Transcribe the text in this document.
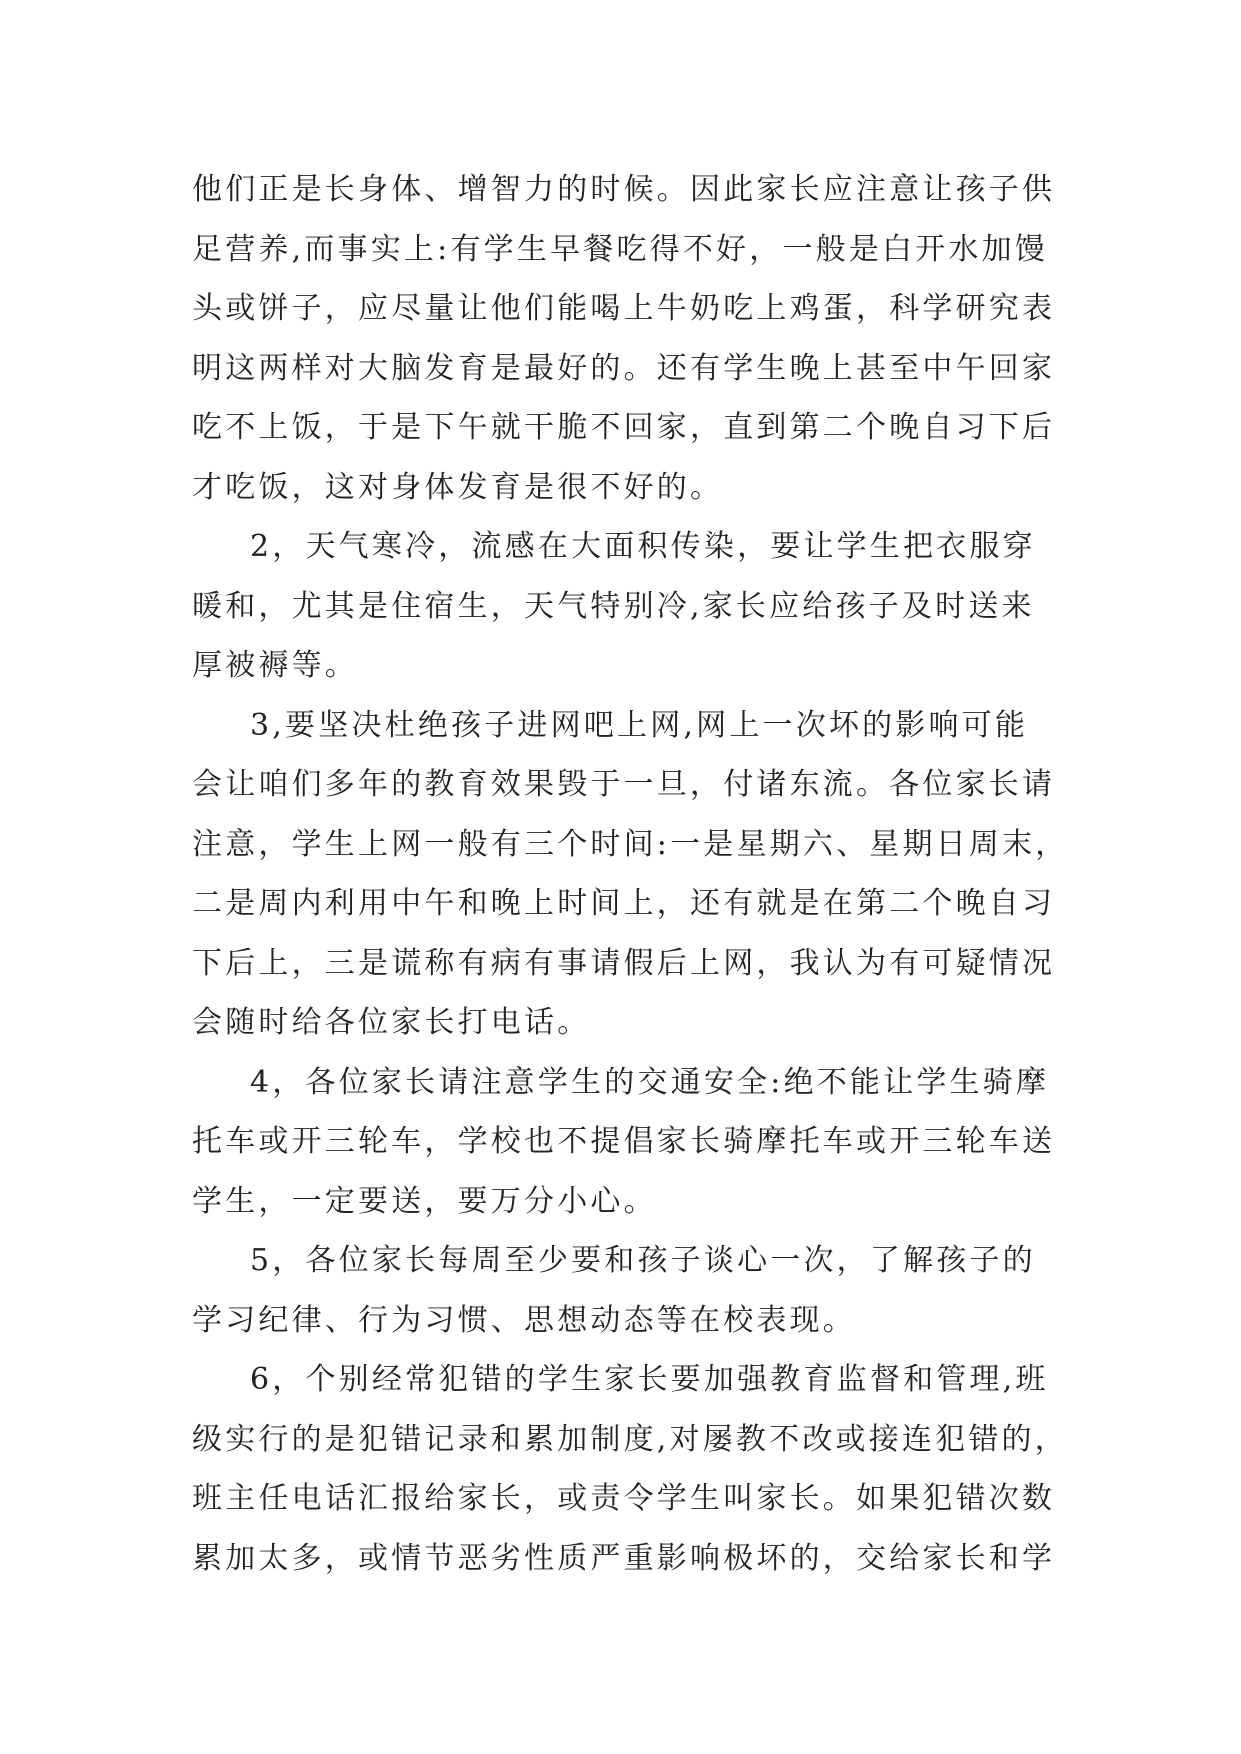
他们正是长身体、增智力的时候。因此家长应注意让孩子供
足营养,而事实上:有学生早餐吃得不好，一般是白开水加馒
头或饼子，应尽量让他们能喝上牛奶吃上鸡蛋，科学研究表
明这两样对大脑发育是最好的。还有学生晚上甚至中午回家
吃不上饭，于是下午就干脆不回家，直到第二个晚自习下后
才吃饭，这对身体发育是很不好的。
2，天气寒冷，流感在大面积传染，要让学生把衣服穿
暖和，尤其是住宿生，天气特别冷,家长应给孩子及时送来
厚被褥等。
3,要坚决杜绝孩子进网吧上网,网上一次坏的影响可能
会让咱们多年的教育效果毁于一旦，付诸东流。各位家长请
注意，学生上网一般有三个时间:一是星期六、星期日周末，
二是周内利用中午和晚上时间上，还有就是在第二个晚自习
下后上，三是谎称有病有事请假后上网，我认为有可疑情况
会随时给各位家长打电话。
4，各位家长请注意学生的交通安全:绝不能让学生骑摩
托车或开三轮车，学校也不提倡家长骑摩托车或开三轮车送
学生，一定要送，要万分小心。
5，各位家长每周至少要和孩子谈心一次，了解孩子的
学习纪律、行为习惯、思想动态等在校表现。
6，个别经常犯错的学生家长要加强教育监督和管理,班
级实行的是犯错记录和累加制度,对屡教不改或接连犯错的，
班主任电话汇报给家长，或责令学生叫家长。如果犯错次数
累加太多，或情节恶劣性质严重影响极坏的，交给家长和学
